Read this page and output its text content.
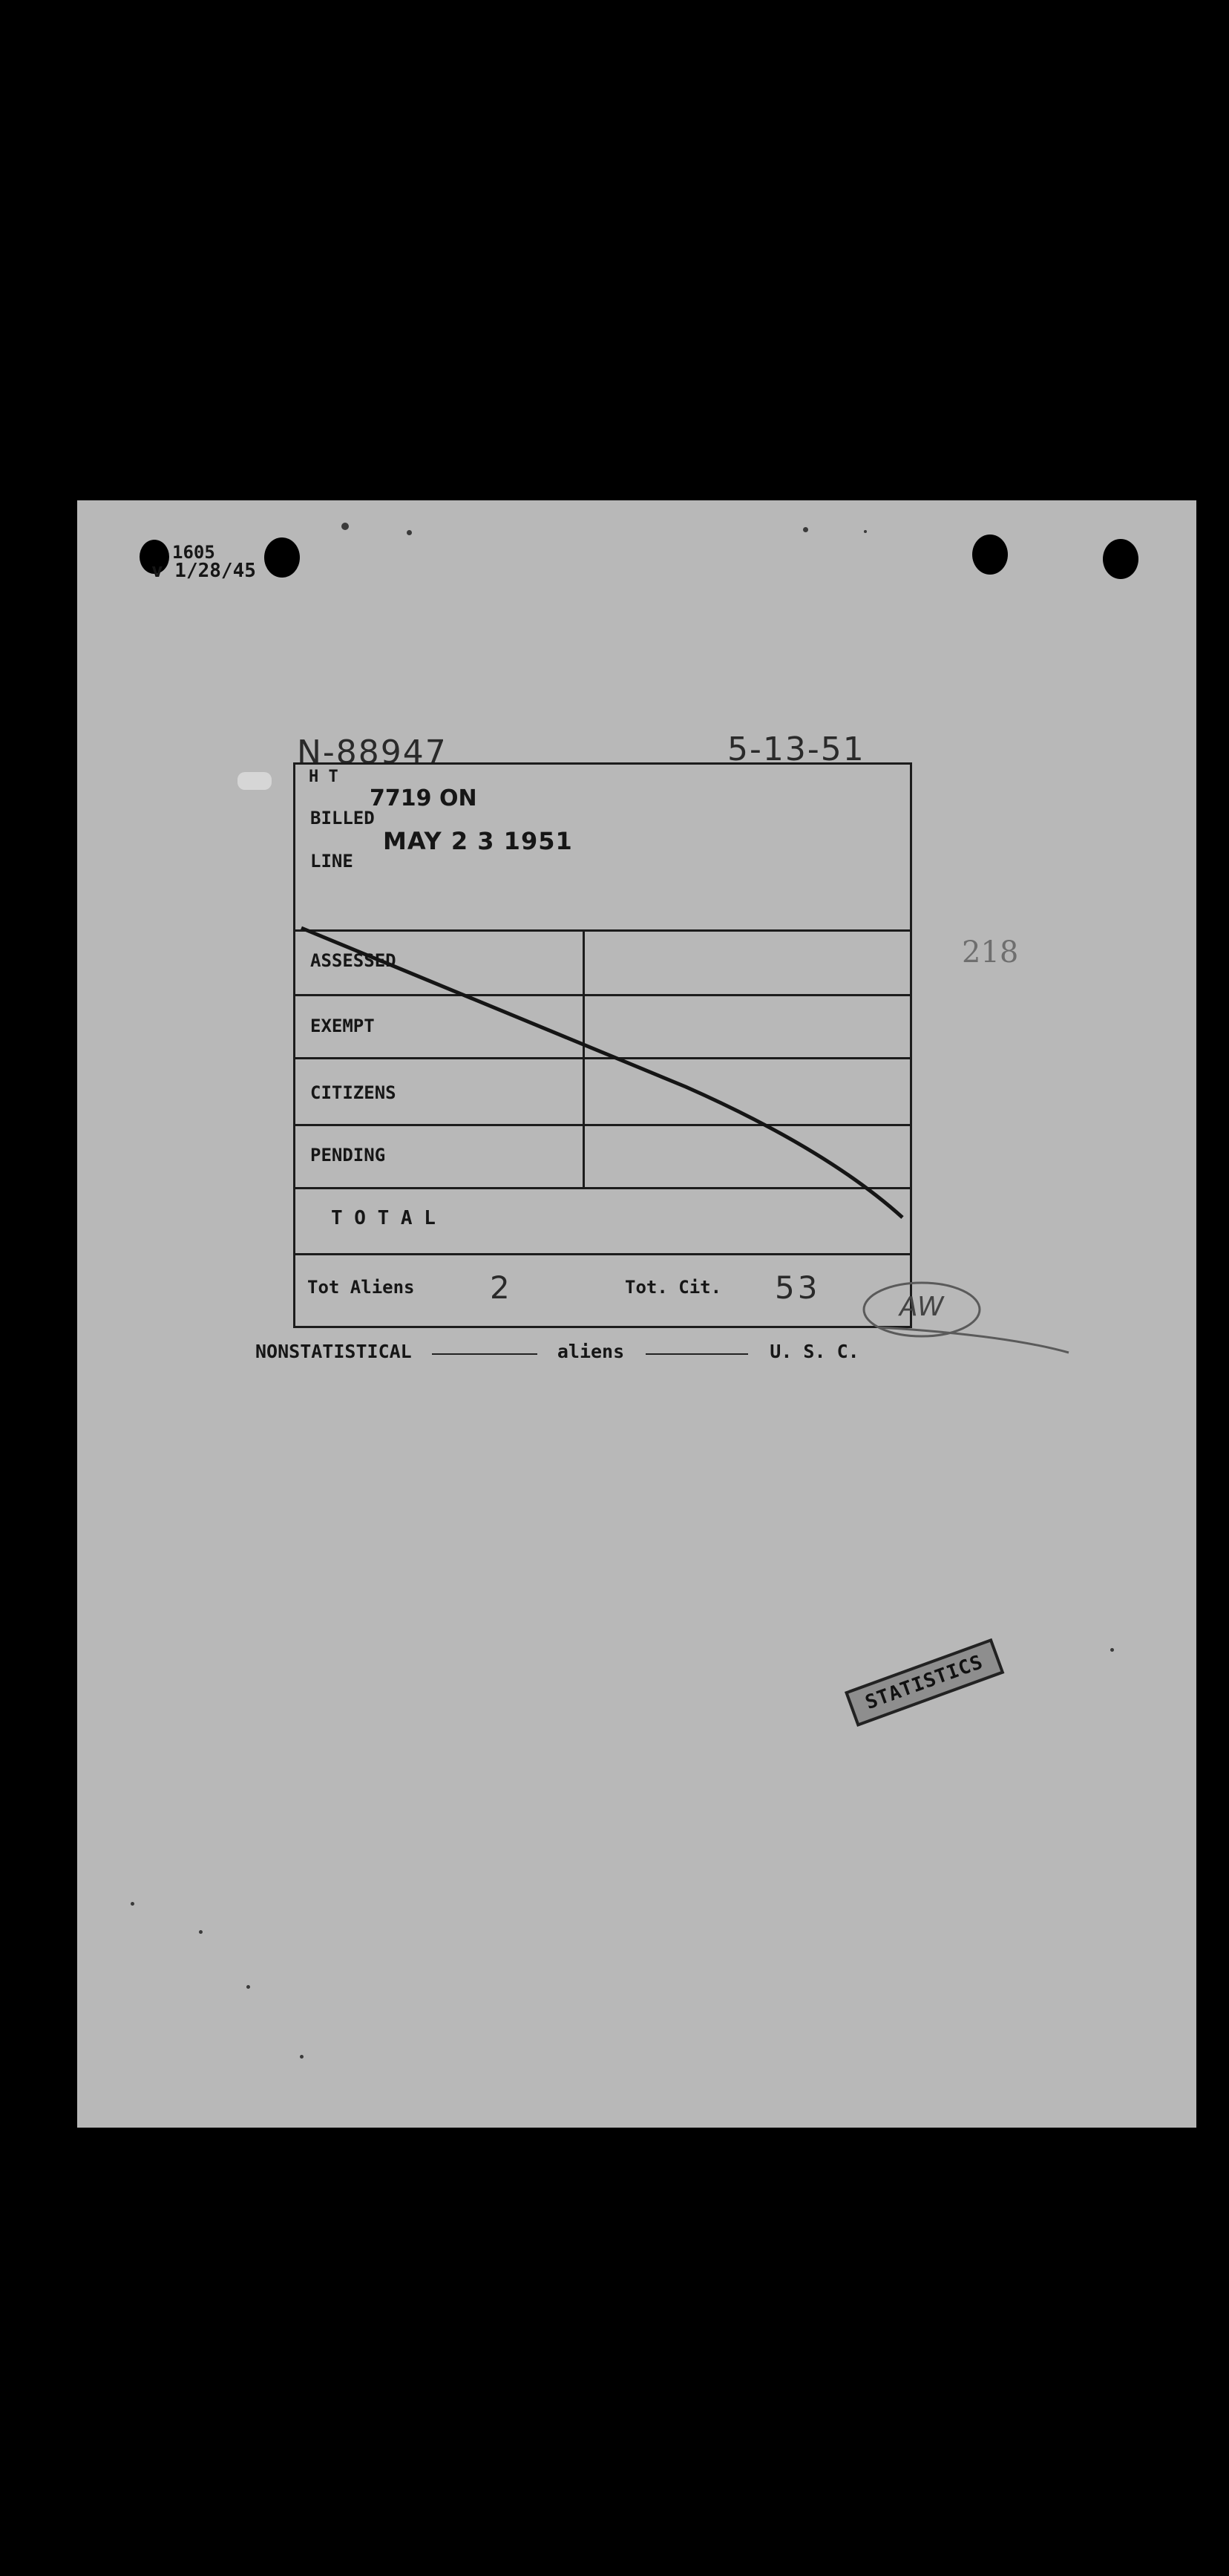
1605
v 1/28/45
N-88947	5-13-51
H T
7719 ON
BILLED
MAY 2 3 1951
LINE
ASSESSED
EXEMPT
CITIZENS
PENDING
T O T A L
Tot Aliens 2	Tot. Cit. 53
AW
218
NONSTATISTICAL	aliens	U. S. C.
STATISTICS
